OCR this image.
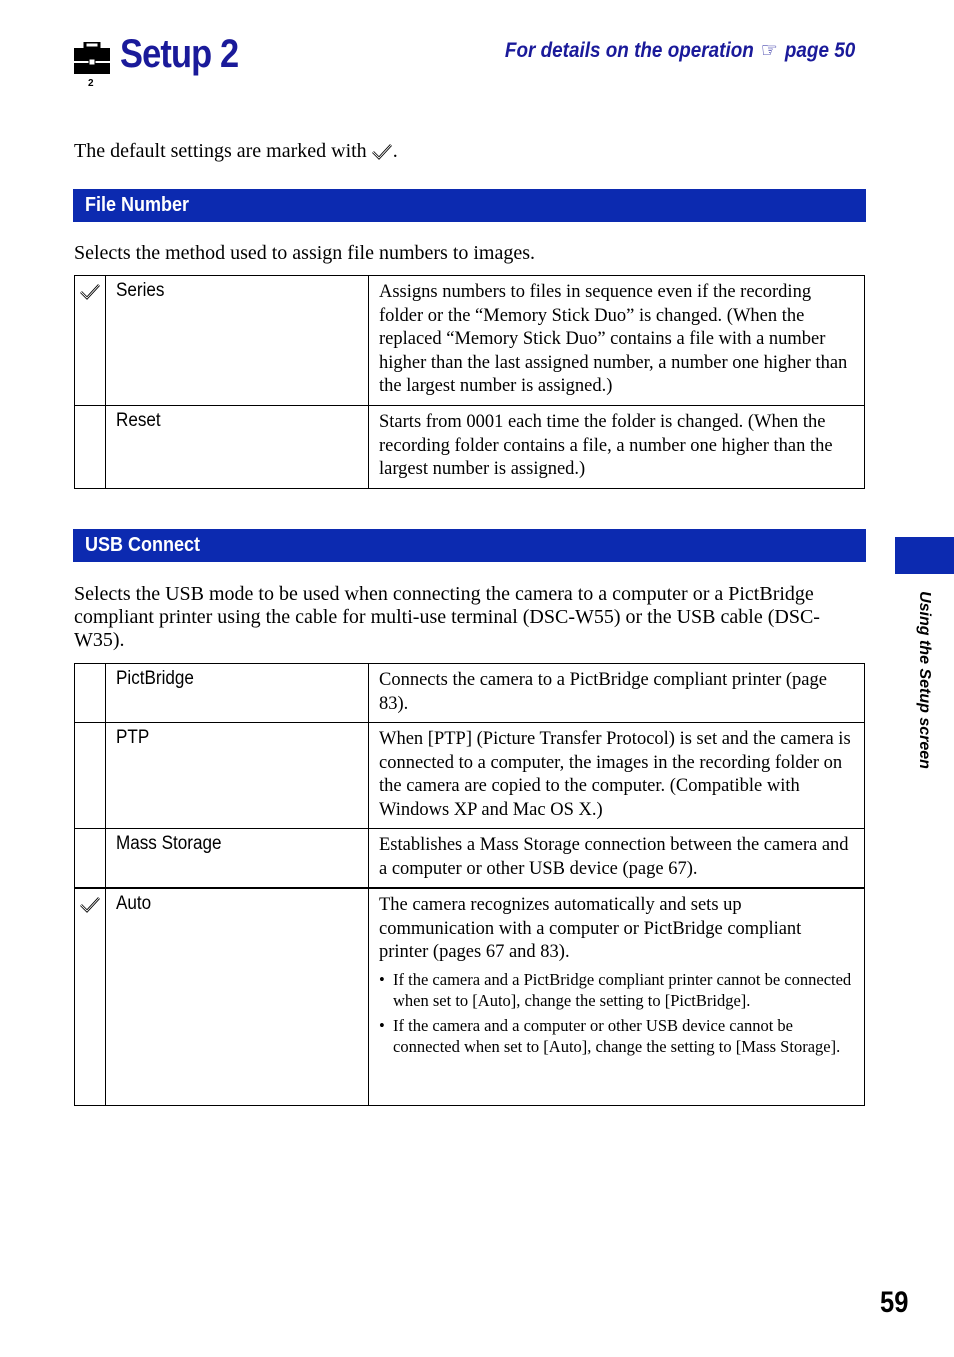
2
Setup 2	For details on the operation ☞ page 50
The default settings are marked with .
File Number
Selects the method used to assign file numbers to images.
	Series	Assigns numbers to files in sequence even if the recording folder or the “Memory Stick Duo” is changed. (When the replaced “Memory Stick Duo” contains a file with a number higher than the last assigned number, a number one higher than the largest number is assigned.)
	Reset	Starts from 0001 each time the folder is changed. (When the recording folder contains a file, a number one higher than the largest number is assigned.)
USB Connect
Selects the USB mode to be used when connecting the camera to a computer or a PictBridge compliant printer using the cable for multi-use terminal (DSC-W55) or the USB cable (DSC-W35).
	PictBridge	Connects the camera to a PictBridge compliant printer (page 83).
	PTP	When [PTP] (Picture Transfer Protocol) is set and the camera is connected to a computer, the images in the recording folder on the camera are copied to the computer. (Compatible with Windows XP and Mac OS X.)
	Mass Storage	Establishes a Mass Storage connection between the camera and a computer or other USB device (page 67).
	Auto	The camera recognizes automatically and sets up communication with a computer or PictBridge compliant printer (pages 67 and 83).
•  If the camera and a PictBridge compliant printer cannot be connected when set to [Auto], change the setting to [PictBridge].
•  If the camera and a computer or other USB device cannot be connected when set to [Auto], change the setting to [Mass Storage].
Using the Setup screen
59
